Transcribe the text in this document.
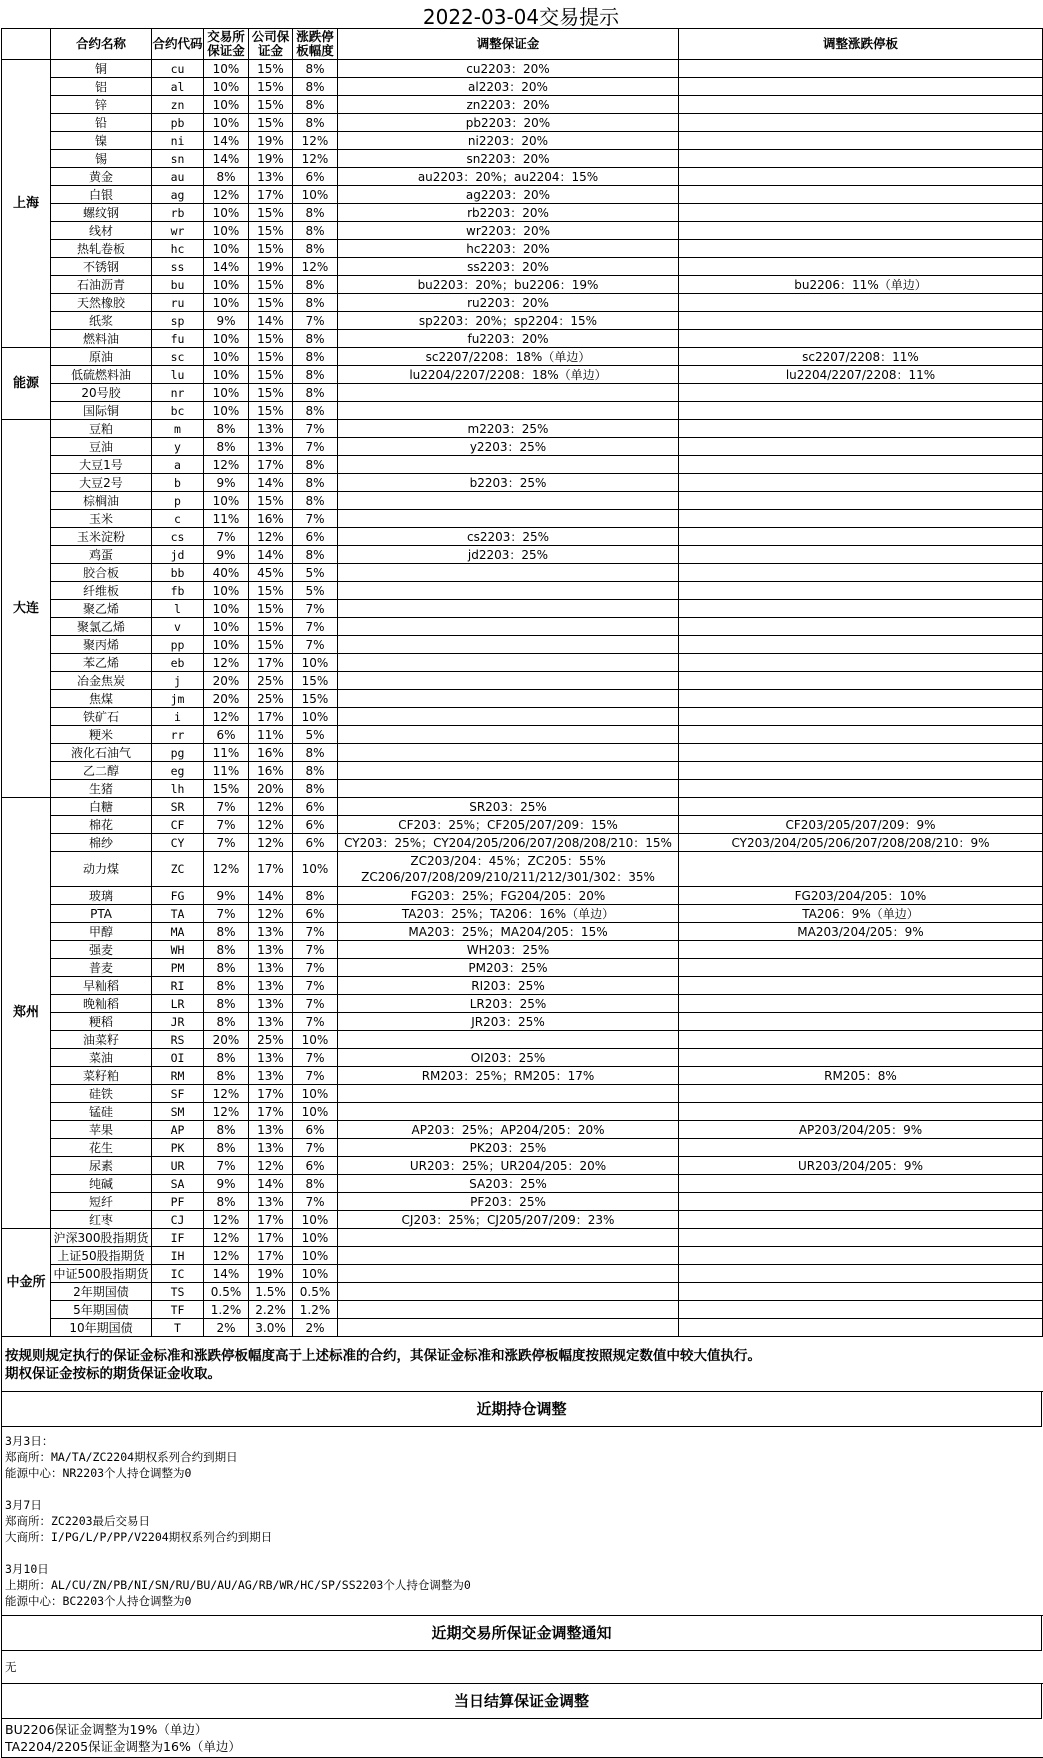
2022-03-04交易提示
	合约名称	合约代码	交易所保证金	公司保证金	涨跌停板幅度	调整保证金	调整涨跌停板
上海	铜	cu	10%	15%	8%	cu2203：20%	
	铝	al	10%	15%	8%	al2203：20%	
	锌	zn	10%	15%	8%	zn2203：20%	
	铅	pb	10%	15%	8%	pb2203：20%	
	镍	ni	14%	19%	12%	ni2203：20%	
	锡	sn	14%	19%	12%	sn2203：20%	
	黄金	au	8%	13%	6%	au2203：20%；au2204：15%	
	白银	ag	12%	17%	10%	ag2203：20%	
	螺纹钢	rb	10%	15%	8%	rb2203：20%	
	线材	wr	10%	15%	8%	wr2203：20%	
	热轧卷板	hc	10%	15%	8%	hc2203：20%	
	不锈钢	ss	14%	19%	12%	ss2203：20%	
	石油沥青	bu	10%	15%	8%	bu2203：20%；bu2206：19%	bu2206：11%（单边）
	天然橡胶	ru	10%	15%	8%	ru2203：20%	
	纸浆	sp	9%	14%	7%	sp2203：20%；sp2204：15%	
	燃料油	fu	10%	15%	8%	fu2203：20%	
能源	原油	sc	10%	15%	8%	sc2207/2208：18%（单边）	sc2207/2208：11%
	低硫燃料油	lu	10%	15%	8%	lu2204/2207/2208：18%（单边）	lu2204/2207/2208：11%
	20号胶	nr	10%	15%	8%		
	国际铜	bc	10%	15%	8%		
大连	豆粕	m	8%	13%	7%	m2203：25%	
	豆油	y	8%	13%	7%	y2203：25%	
	大豆1号	a	12%	17%	8%		
	大豆2号	b	9%	14%	8%	b2203：25%	
	棕榈油	p	10%	15%	8%		
	玉米	c	11%	16%	7%		
	玉米淀粉	cs	7%	12%	6%	cs2203：25%	
	鸡蛋	jd	9%	14%	8%	jd2203：25%	
	胶合板	bb	40%	45%	5%		
	纤维板	fb	10%	15%	5%		
	聚乙烯	l	10%	15%	7%		
	聚氯乙烯	v	10%	15%	7%		
	聚丙烯	pp	10%	15%	7%		
	苯乙烯	eb	12%	17%	10%		
	冶金焦炭	j	20%	25%	15%		
	焦煤	jm	20%	25%	15%		
	铁矿石	i	12%	17%	10%		
	粳米	rr	6%	11%	5%		
	液化石油气	pg	11%	16%	8%		
	乙二醇	eg	11%	16%	8%		
	生猪	lh	15%	20%	8%		
郑州	白糖	SR	7%	12%	6%	SR203：25%	
	棉花	CF	7%	12%	6%	CF203：25%；CF205/207/209：15%	CF203/205/207/209：9%
	棉纱	CY	7%	12%	6%	CY203：25%；CY204/205/206/207/208/208/210：15%	CY203/204/205/206/207/208/208/210：9%
	动力煤	ZC	12%	17%	10%	ZC203/204：45%；ZC205：55%
ZC206/207/208/209/210/211/212/301/302：35%	
	玻璃	FG	9%	14%	8%	FG203：25%；FG204/205：20%	FG203/204/205：10%
	PTA	TA	7%	12%	6%	TA203：25%；TA206：16%（单边）	TA206：9%（单边）
	甲醇	MA	8%	13%	7%	MA203：25%；MA204/205：15%	MA203/204/205：9%
	强麦	WH	8%	13%	7%	WH203：25%	
	普麦	PM	8%	13%	7%	PM203：25%	
	早籼稻	RI	8%	13%	7%	RI203：25%	
	晚籼稻	LR	8%	13%	7%	LR203：25%	
	粳稻	JR	8%	13%	7%	JR203：25%	
	油菜籽	RS	20%	25%	10%		
	菜油	OI	8%	13%	7%	OI203：25%	
	菜籽粕	RM	8%	13%	7%	RM203：25%；RM205：17%	RM205：8%
	硅铁	SF	12%	17%	10%		
	锰硅	SM	12%	17%	10%		
	苹果	AP	8%	13%	6%	AP203：25%；AP204/205：20%	AP203/204/205：9%
	花生	PK	8%	13%	7%	PK203：25%	
	尿素	UR	7%	12%	6%	UR203：25%；UR204/205：20%	UR203/204/205：9%
	纯碱	SA	9%	14%	8%	SA203：25%	
	短纤	PF	8%	13%	7%	PF203：25%	
	红枣	CJ	12%	17%	10%	CJ203：25%；CJ205/207/209：23%	
中金所	沪深300股指期货	IF	12%	17%	10%		
	上证50股指期货	IH	12%	17%	10%		
	中证500股指期货	IC	14%	19%	10%		
	2年期国债	TS	0.5%	1.5%	0.5%		
	5年期国债	TF	1.2%	2.2%	1.2%		
	10年期国债	T	2%	3.0%	2%		
按规则规定执行的保证金标准和涨跌停板幅度高于上述标准的合约，其保证金标准和涨跌停板幅度按照规定数值中较大值执行。
期权保证金按标的期货保证金收取。
近期持仓调整
3月3日：
郑商所：MA/TA/ZC2204期权系列合约到期日
能源中心：NR2203个人持仓调整为0
3月7日
郑商所：ZC2203最后交易日
大商所：I/PG/L/P/PP/V2204期权系列合约到期日
3月10日
上期所：AL/CU/ZN/PB/NI/SN/RU/BU/AU/AG/RB/WR/HC/SP/SS2203个人持仓调整为0
能源中心：BC2203个人持仓调整为0
近期交易所保证金调整通知
无
当日结算保证金调整
BU2206保证金调整为19%（单边）
TA2204/2205保证金调整为16%（单边）
